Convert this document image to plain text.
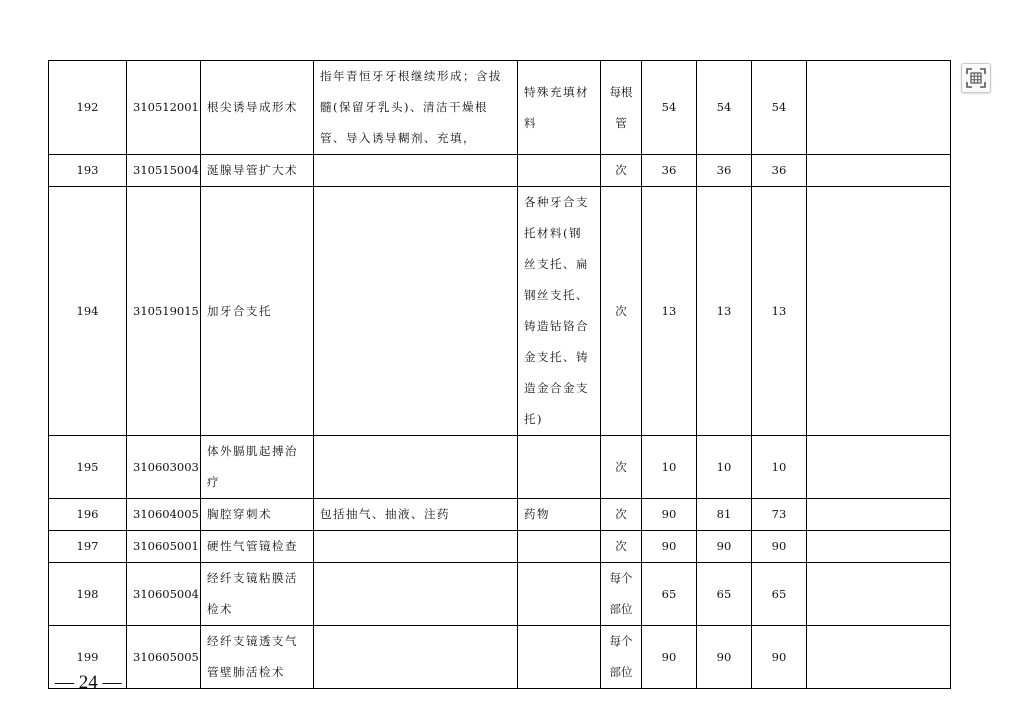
192	310512001	根尖诱导成形术	指年青恒牙牙根继续形成；含拔髓(保留牙乳头)、清洁干燥根管、导入诱导糊剂、充填，	特殊充填材料	每根管	54	54	54	
193	310515004	涎腺导管扩大术			次	36	36	36	
194	310519015	加牙合支托		各种牙合支托材料(钢丝支托、扁钢丝支托、铸造钴铬合金支托、铸造金合金支托)	次	13	13	13	
195	310603003	体外膈肌起搏治疗			次	10	10	10	
196	310604005	胸腔穿刺术	包括抽气、抽液、注药	药物	次	90	81	73	
197	310605001	硬性气管镜检查			次	90	90	90	
198	310605004	经纤支镜粘膜活检术			每个部位	65	65	65	
199	310605005	经纤支镜透支气管壁肺活检术			每个部位	90	90	90	
— 24 —
